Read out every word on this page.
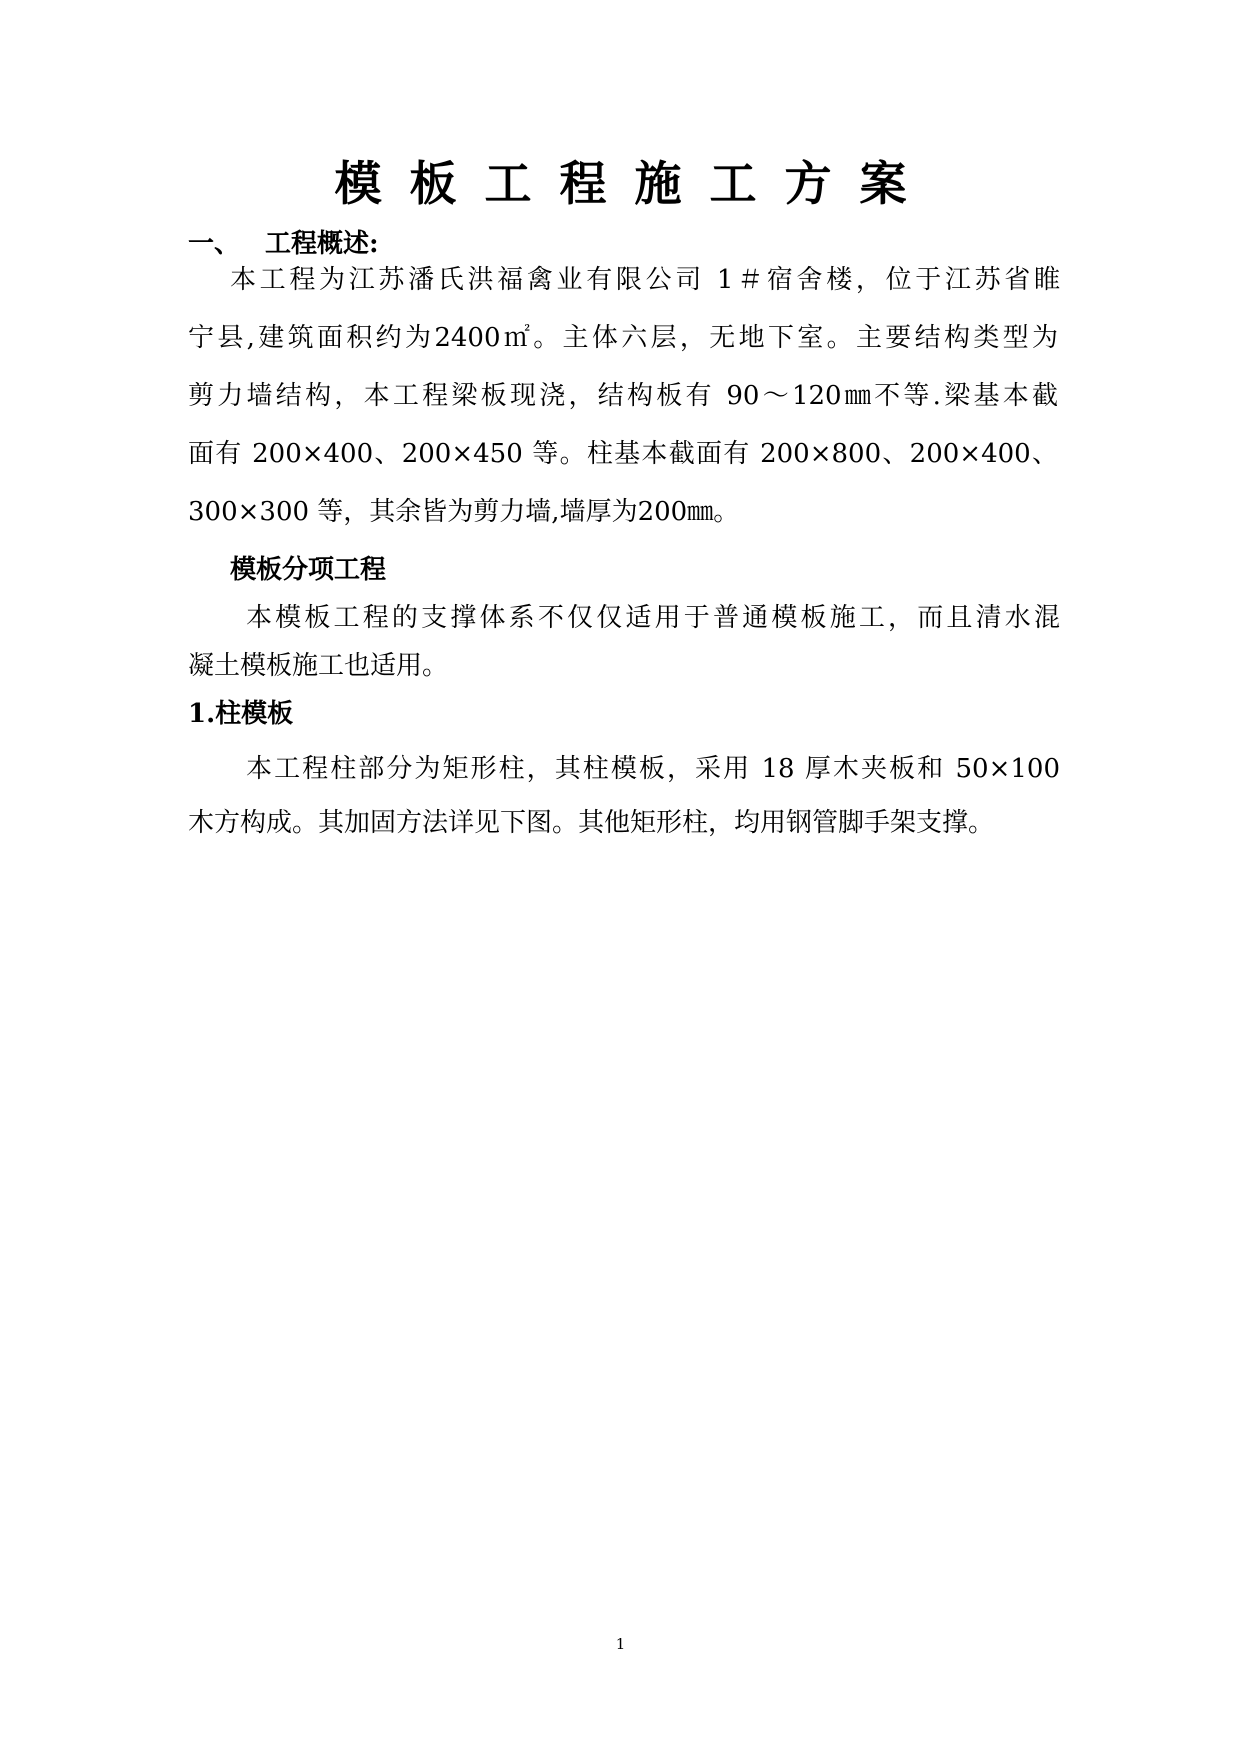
模板工程施工方案
一、 工程概述:
本工程为江苏潘氏洪福禽业有限公司 1＃宿舍楼，位于江苏省睢
宁县,建筑面积约为2400㎡。主体六层，无地下室。主要结构类型为
剪力墙结构，本工程梁板现浇，结构板有 90～120㎜不等.梁基本截
面有 200×400、200×450 等。柱基本截面有 200×800、200×400、
300×300 等，其余皆为剪力墙,墙厚为200㎜。
模板分项工程
本模板工程的支撑体系不仅仅适用于普通模板施工，而且清水混
凝土模板施工也适用。
1.柱模板
本工程柱部分为矩形柱，其柱模板，采用 18 厚木夹板和 50×100
木方构成。其加固方法详见下图。其他矩形柱，均用钢管脚手架支撑。
1
